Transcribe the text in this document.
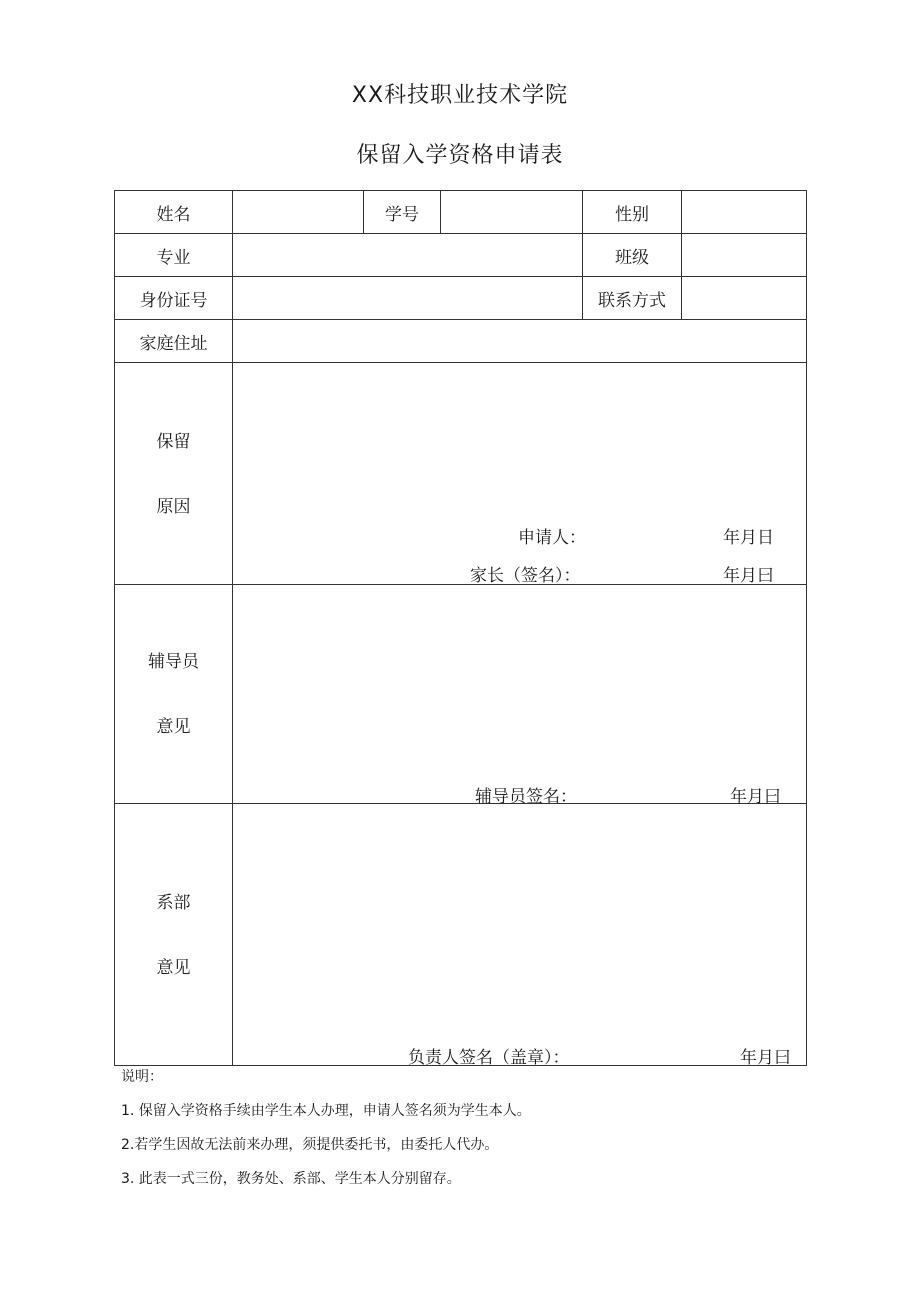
XX科技职业技术学院
保留入学资格申请表
姓名		学号		性别	
专业				班级	
身份证号				联系方式	
家庭住址					

保留
原因	申请人： 年月日
家长（签名）： 年月曰				

辅导员
意见	辅导员签名： 年月曰				

系部
意见	负责人签名（盖章）： 年月曰				
说明：
1. 保留入学资格手续由学生本人办理，申请人签名须为学生本人。
2.若学生因故无法前来办理，须提供委托书，由委托人代办。
3. 此表一式三份，教务处、系部、学生本人分别留存。
